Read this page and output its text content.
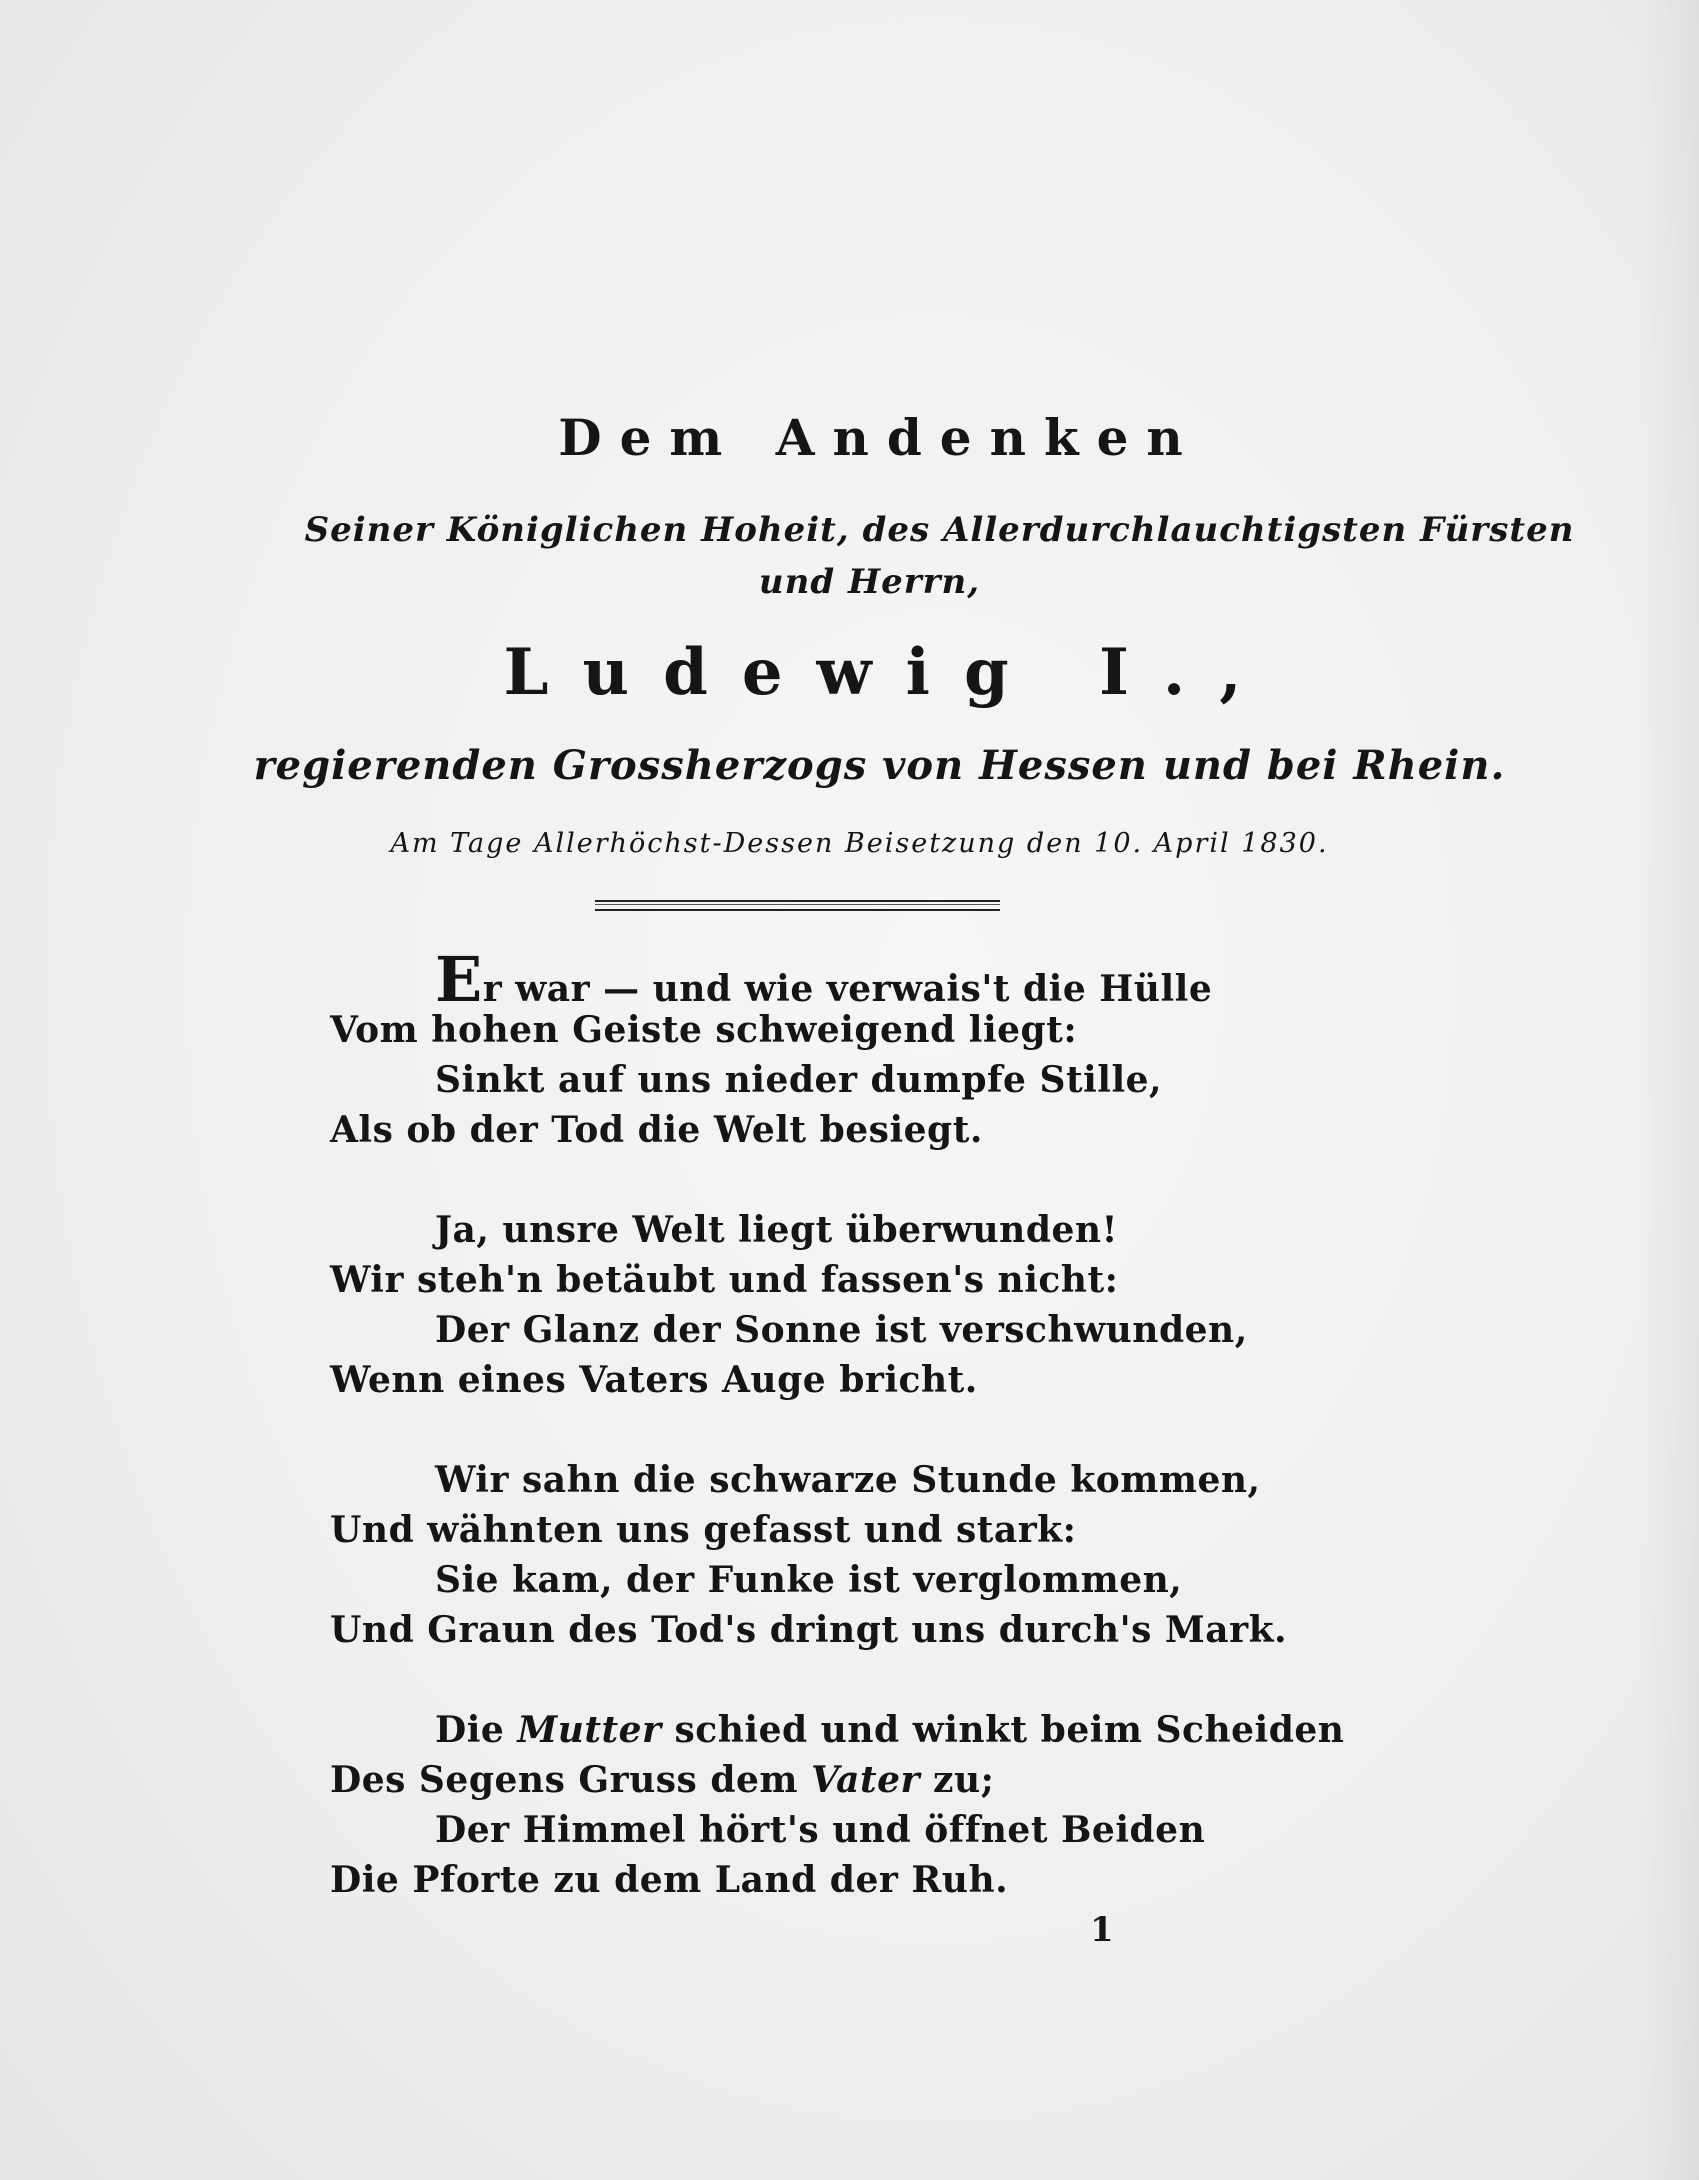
Dem Andenken
Seiner Königlichen Hoheit, des Allerdurchlauchtigsten Fürsten
und Herrn,
Ludewig I.,
regierenden Grossherzogs von Hessen und bei Rhein.
Am Tage Allerhöchst-Dessen Beisetzung den 10. April 1830.
Er war — und wie verwais't die Hülle
Vom hohen Geiste schweigend liegt:
Sinkt auf uns nieder dumpfe Stille,
Als ob der Tod die Welt besiegt.
Ja, unsre Welt liegt überwunden!
Wir steh'n betäubt und fassen's nicht:
Der Glanz der Sonne ist verschwunden,
Wenn eines Vaters Auge bricht.
Wir sahn die schwarze Stunde kommen,
Und wähnten uns gefasst und stark:
Sie kam, der Funke ist verglommen,
Und Graun des Tod's dringt uns durch's Mark.
Die Mutter schied und winkt beim Scheiden
Des Segens Gruss dem Vater zu;
Der Himmel hört's und öffnet Beiden
Die Pforte zu dem Land der Ruh.
1
